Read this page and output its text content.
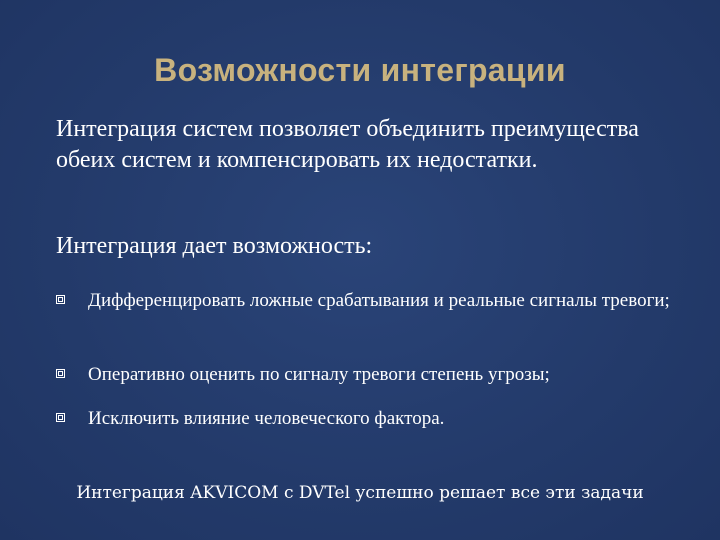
Возможности интеграции
Интеграция систем позволяет объединить преимущества обеих систем и компенсировать их недостатки.
Интеграция дает возможность:
Дифференцировать ложные срабатывания и реальные сигналы тревоги;
Оперативно оценить по сигналу тревоги степень угрозы;
Исключить влияние человеческого фактора.
Интеграция AKVICOM с DVTel успешно решает все эти задачи
